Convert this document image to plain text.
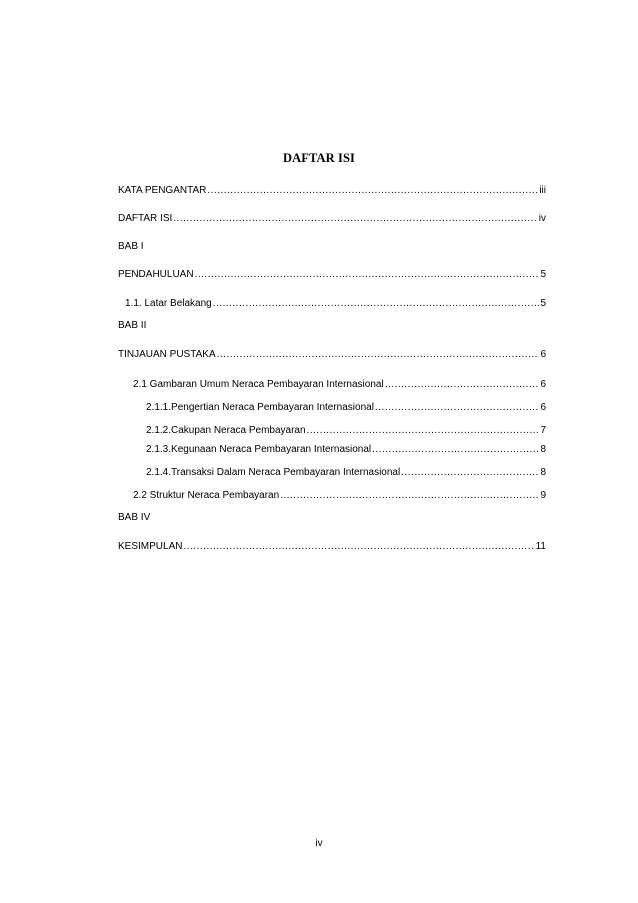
DAFTAR ISI
KATA PENGANTAR .....	iii
DAFTAR ISI .....	iv
BAB I
PENDAHULUAN .....	5
1.1. Latar Belakang .....	5
BAB II
TINJAUAN PUSTAKA .....	6
2.1 Gambaran Umum Neraca Pembayaran Internasional .....	6
2.1.1.Pengertian Neraca Pembayaran Internasional .....	6
2.1.2.Cakupan Neraca Pembayaran .....	7
2.1.3.Kegunaan Neraca Pembayaran Internasional .....	8
2.1.4.Transaksi Dalam Neraca Pembayaran Internasional .....	8
2.2 Struktur Neraca Pembayaran .....	9
BAB IV
KESIMPULAN .....	11
iv
